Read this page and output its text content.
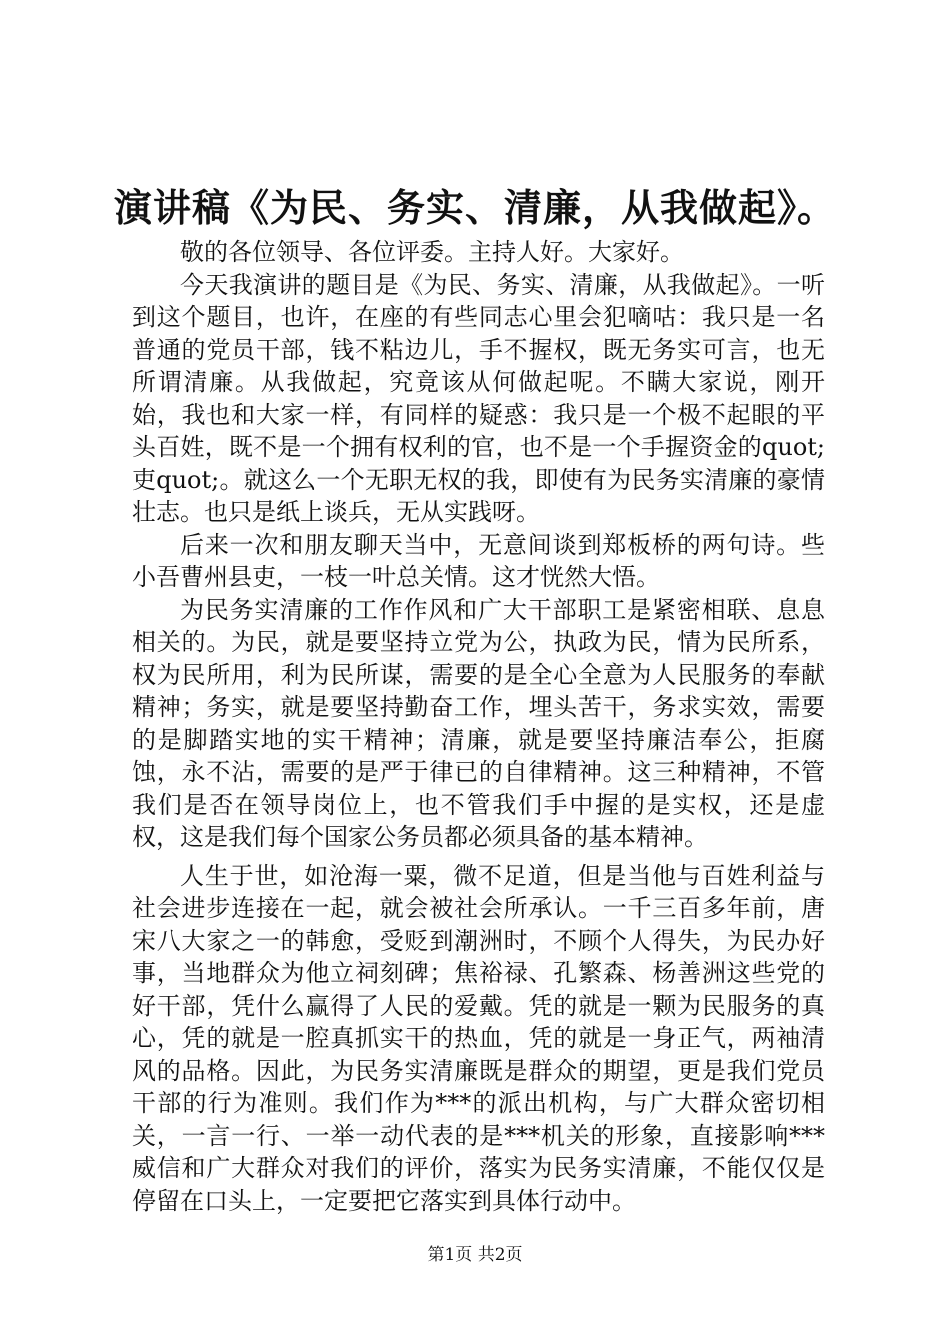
演讲稿《为民、务实、清廉，从我做起》。

敬的各位领导、各位评委。主持人好。大家好。

今天我演讲的题目是《为民、务实、清廉，从我做起》。一听到这个题目，也许，在座的有些同志心里会犯嘀咕：我只是一名普通的党员干部，钱不粘边儿，手不握权，既无务实可言，也无所谓清廉。从我做起，究竟该从何做起呢。不瞒大家说，刚开始，我也和大家一样，有同样的疑惑：我只是一个极不起眼的平头百姓，既不是一个拥有权利的官，也不是一个手握资金的quot;吏quot;。就这么一个无职无权的我，即使有为民务实清廉的豪情壮志。也只是纸上谈兵，无从实践呀。

后来一次和朋友聊天当中，无意间谈到郑板桥的两句诗。些小吾曹州县吏，一枝一叶总关情。这才恍然大悟。

为民务实清廉的工作作风和广大干部职工是紧密相联、息息相关的。为民，就是要坚持立党为公，执政为民，情为民所系，权为民所用，利为民所谋，需要的是全心全意为人民服务的奉献精神；务实，就是要坚持勤奋工作，埋头苦干，务求实效，需要的是脚踏实地的实干精神；清廉，就是要坚持廉洁奉公，拒腐蚀，永不沾，需要的是严于律已的自律精神。这三种精神，不管我们是否在领导岗位上，也不管我们手中握的是实权，还是虚权，这是我们每个国家公务员都必须具备的基本精神。

人生于世，如沧海一粟，微不足道，但是当他与百姓利益与社会进步连接在一起，就会被社会所承认。一千三百多年前，唐宋八大家之一的韩愈，受贬到潮洲时，不顾个人得失，为民办好事，当地群众为他立祠刻碑；焦裕禄、孔繁森、杨善洲这些党的好干部，凭什么赢得了人民的爱戴。凭的就是一颗为民服务的真心，凭的就是一腔真抓实干的热血，凭的就是一身正气，两袖清风的品格。因此，为民务实清廉既是群众的期望，更是我们党员干部的行为准则。我们作为***的派出机构，与广大群众密切相关，一言一行、一举一动代表的是***机关的形象，直接影响***威信和广大群众对我们的评价，落实为民务实清廉，不能仅仅是停留在口头上，一定要把它落实到具体行动中。

第1页 共2页
